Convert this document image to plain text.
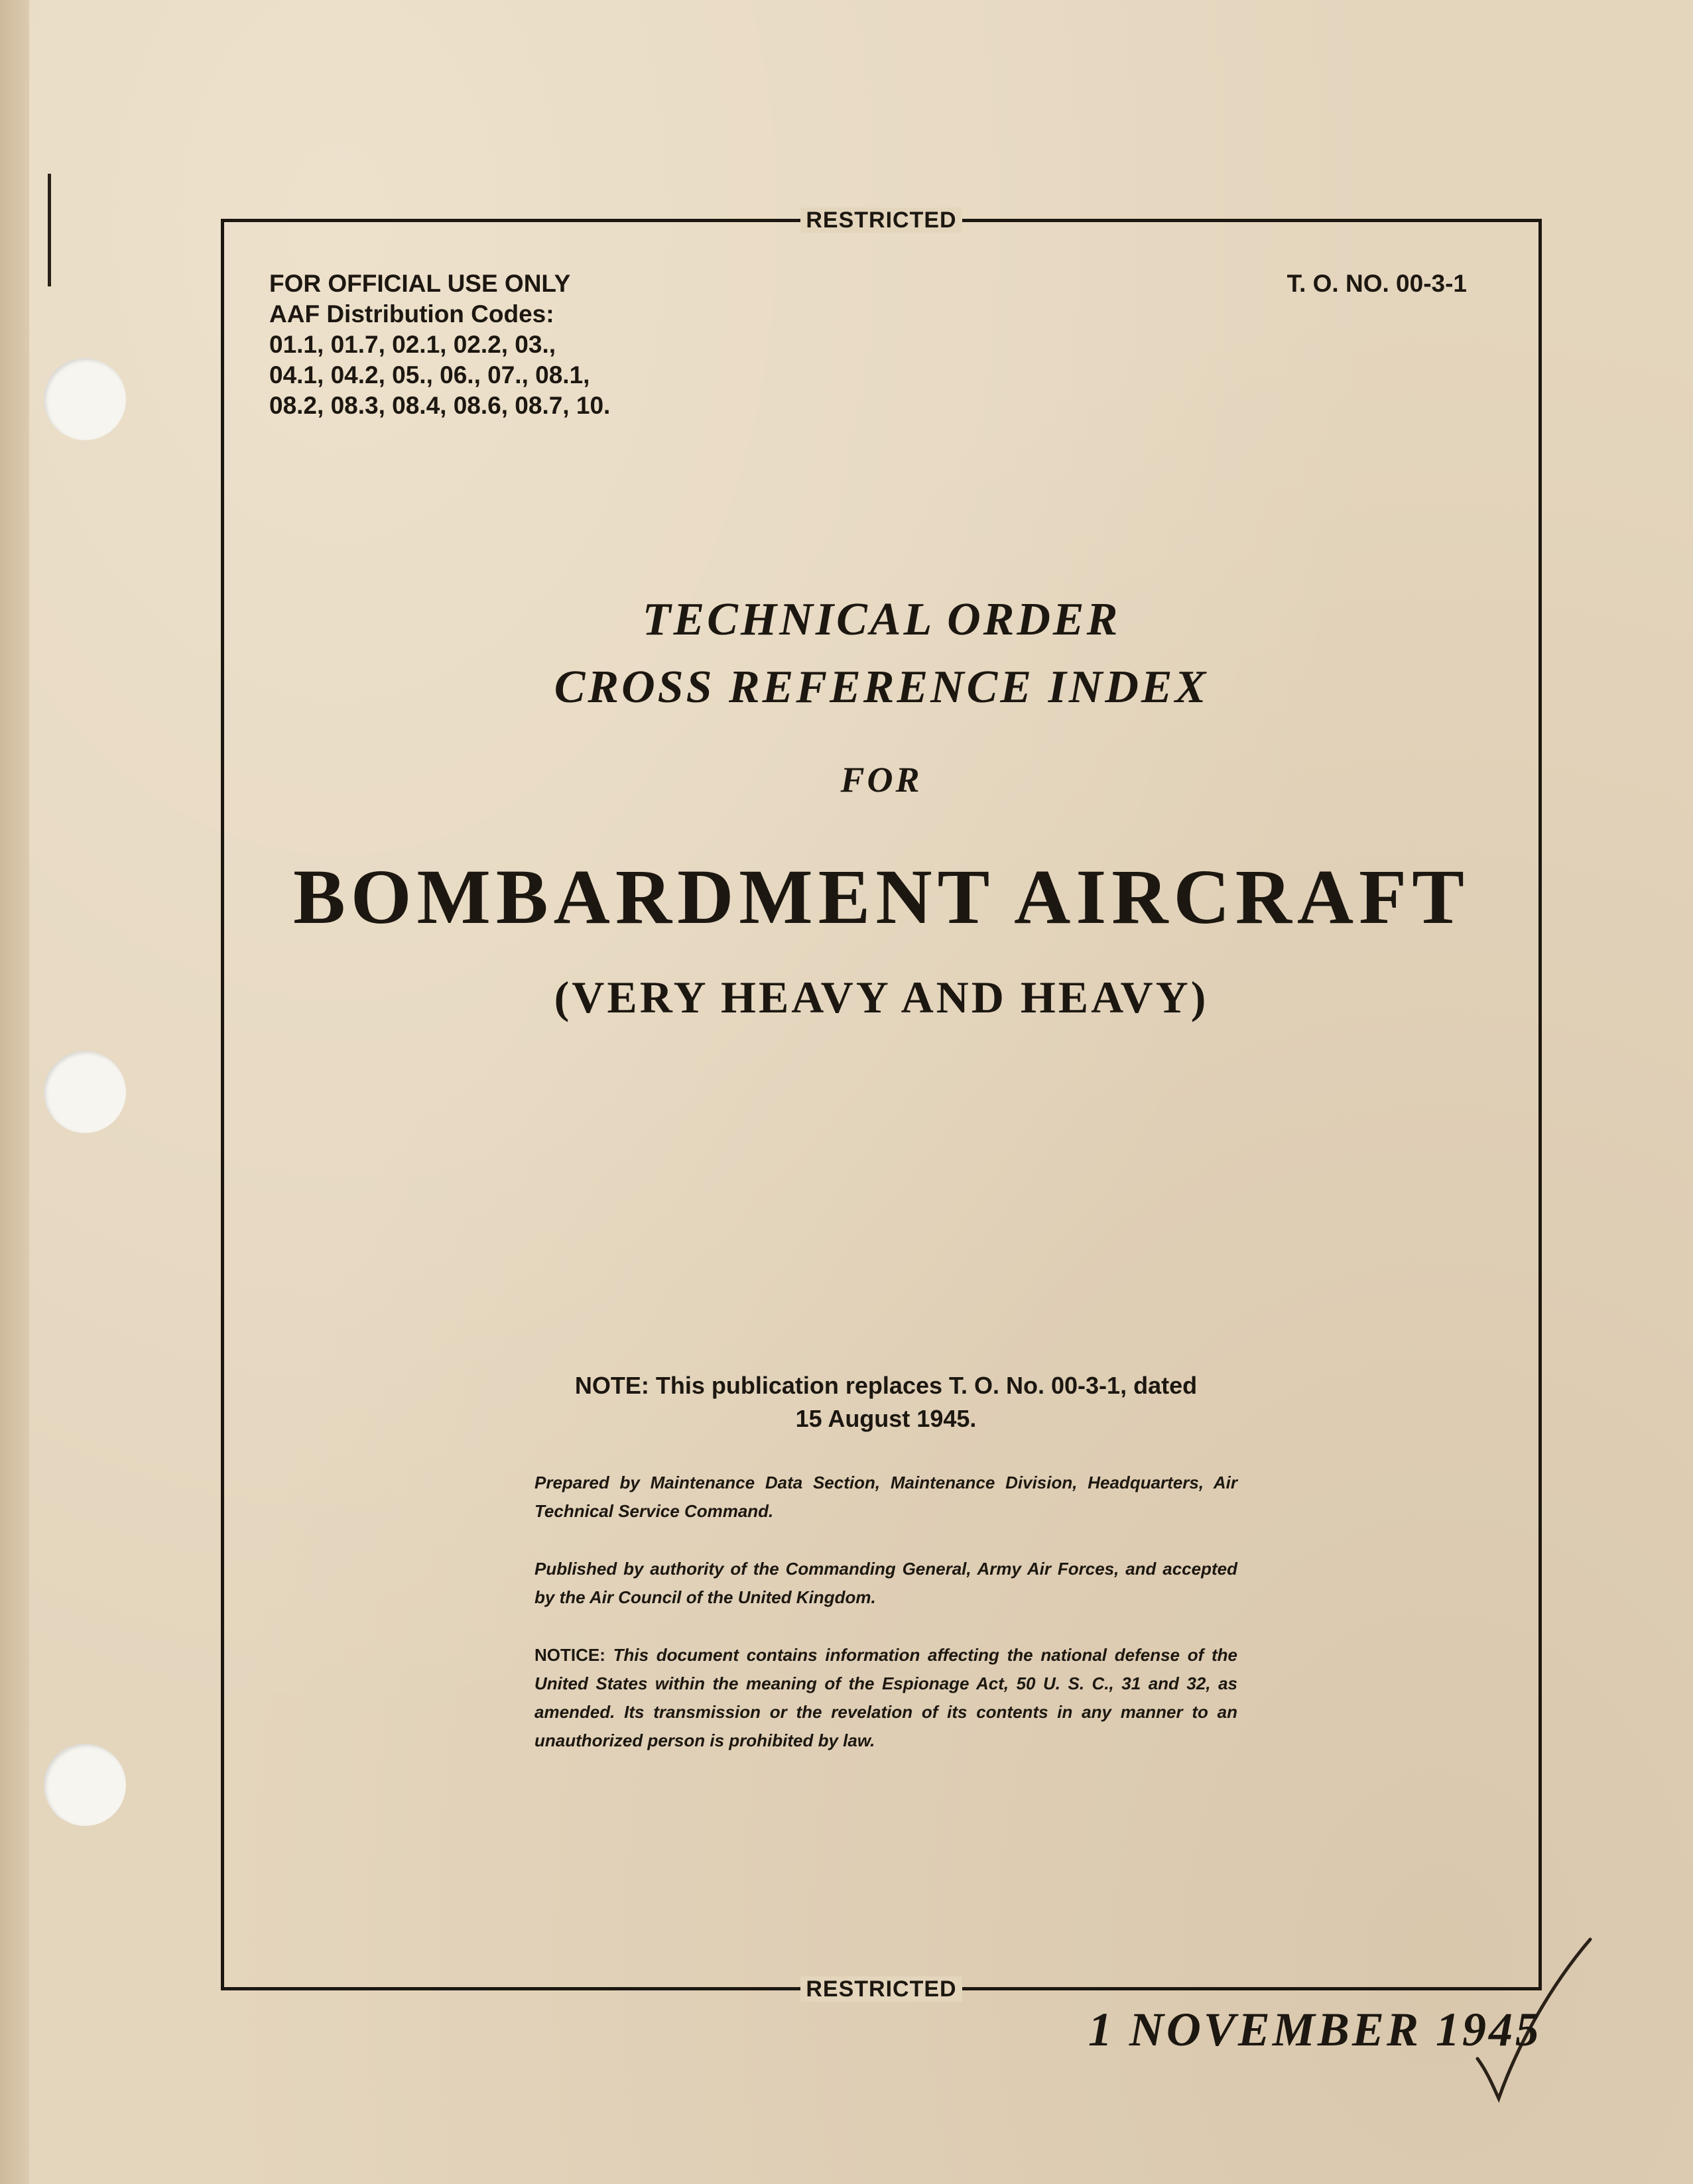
RESTRICTED
FOR OFFICIAL USE ONLY
AAF Distribution Codes:
01.1, 01.7, 02.1, 02.2, 03.,
04.1, 04.2, 05., 06., 07., 08.1,
08.2, 08.3, 08.4, 08.6, 08.7, 10.
T. O. NO. 00-3-1
TECHNICAL ORDER
CROSS REFERENCE INDEX
FOR
BOMBARDMENT AIRCRAFT
(VERY HEAVY AND HEAVY)
NOTE: This publication replaces T. O. No. 00-3-1, dated
15 August 1945.
Prepared by Maintenance Data Section, Maintenance Division, Headquarters, Air Technical Service Command.
Published by authority of the Commanding General, Army Air Forces, and accepted by the Air Council of the United Kingdom.
NOTICE: This document contains information affecting the national defense of the United States within the meaning of the Espionage Act, 50 U. S. C., 31 and 32, as amended. Its transmission or the revelation of its contents in any manner to an unauthorized person is prohibited by law.
RESTRICTED
1 NOVEMBER 1945
